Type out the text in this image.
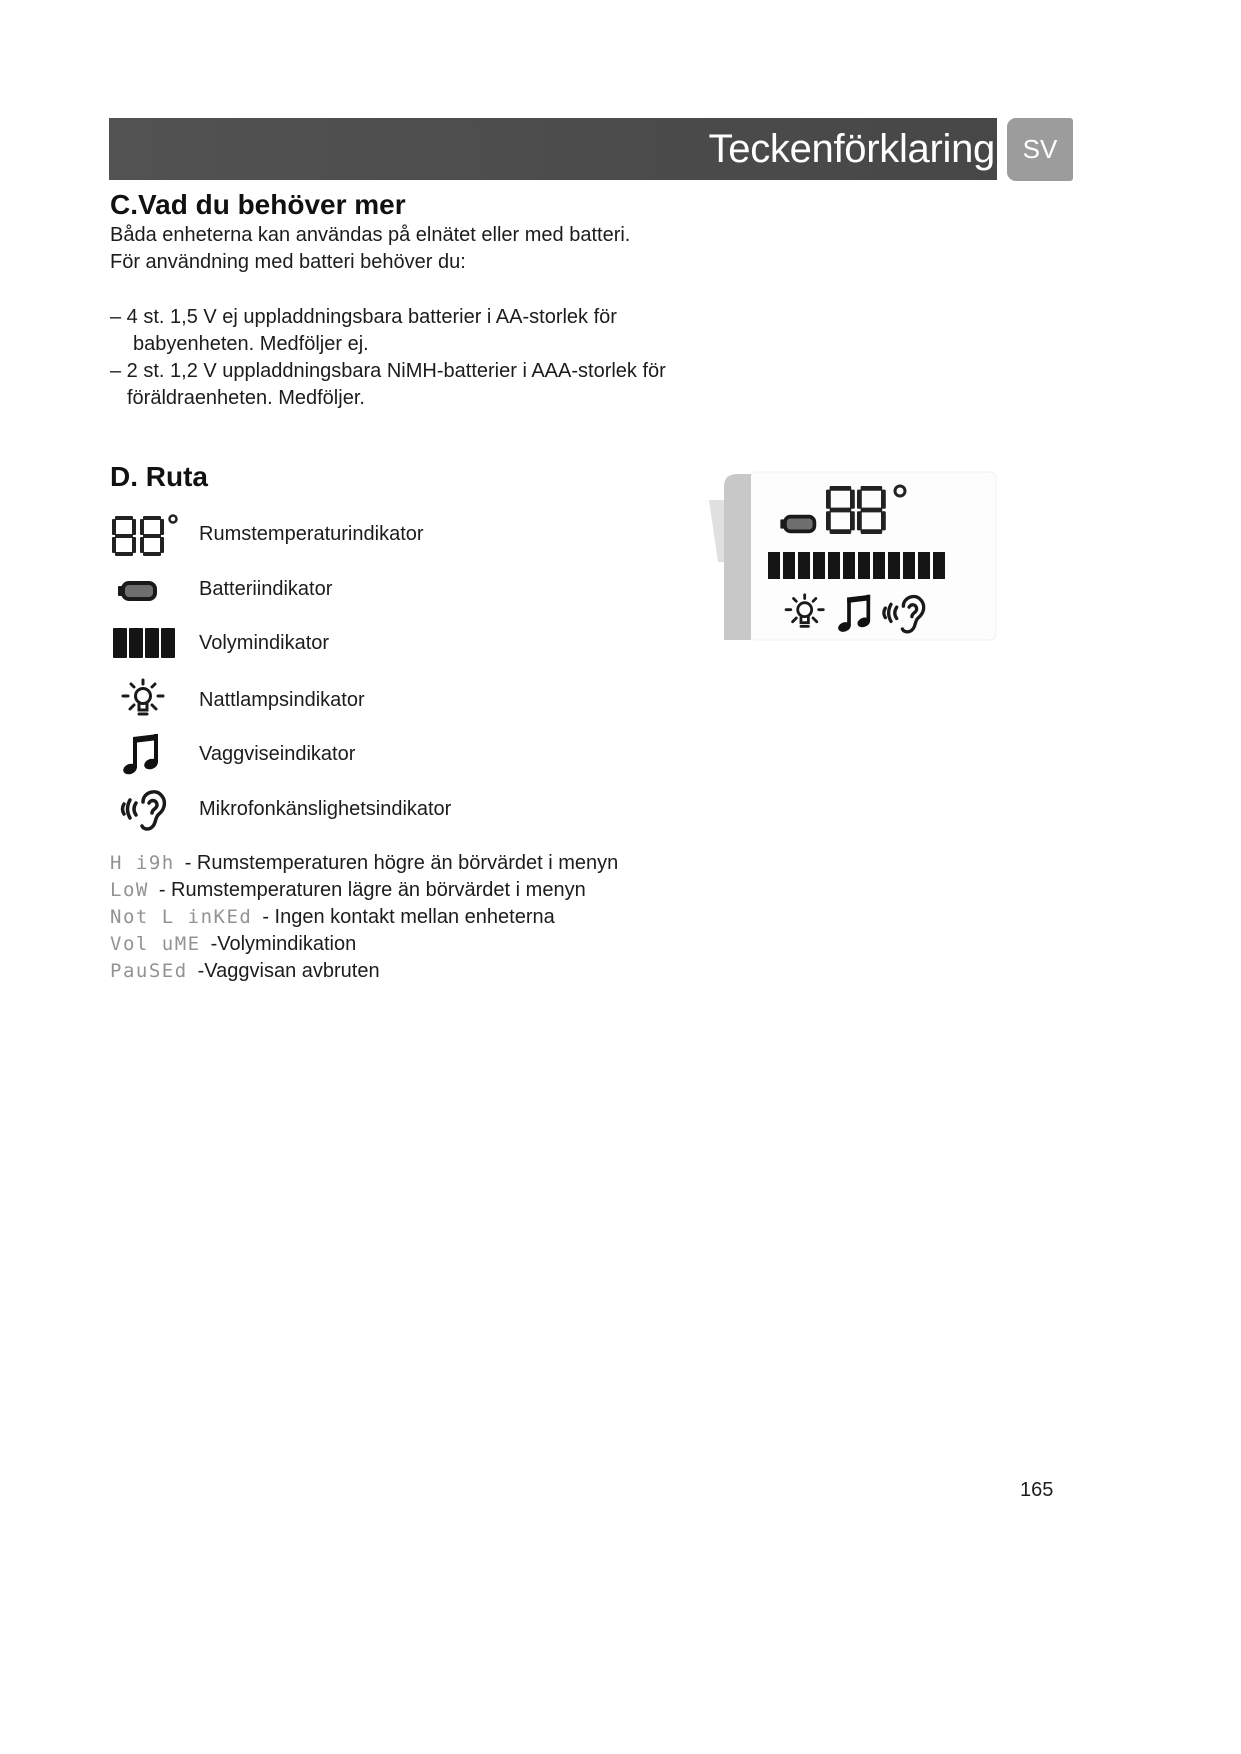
Teckenförklaring	SV
C.Vad du behöver mer
Båda enheterna kan användas på elnätet eller med batteri.
För användning med batteri behöver du:
– 4 st. 1,5 V ej uppladdningsbara batterier i AA-storlek för
babyenheten. Medföljer ej.
– 2 st. 1,2 V uppladdningsbara NiMH-batterier i AAA-storlek för
föräldraenheten. Medföljer.
D. Ruta
Rumstemperaturindikator
Batteriindikator
Volymindikator
Nattlampsindikator
Vaggviseindikator
Mikrofonkänslighetsindikator
H i9h - Rumstemperaturen högre än börvärdet i menyn
LoW - Rumstemperaturen lägre än börvärdet i menyn
Not L inKEd - Ingen kontakt mellan enheterna
Vol uME -Volymindikation
PauSEd -Vaggvisan avbruten
165
